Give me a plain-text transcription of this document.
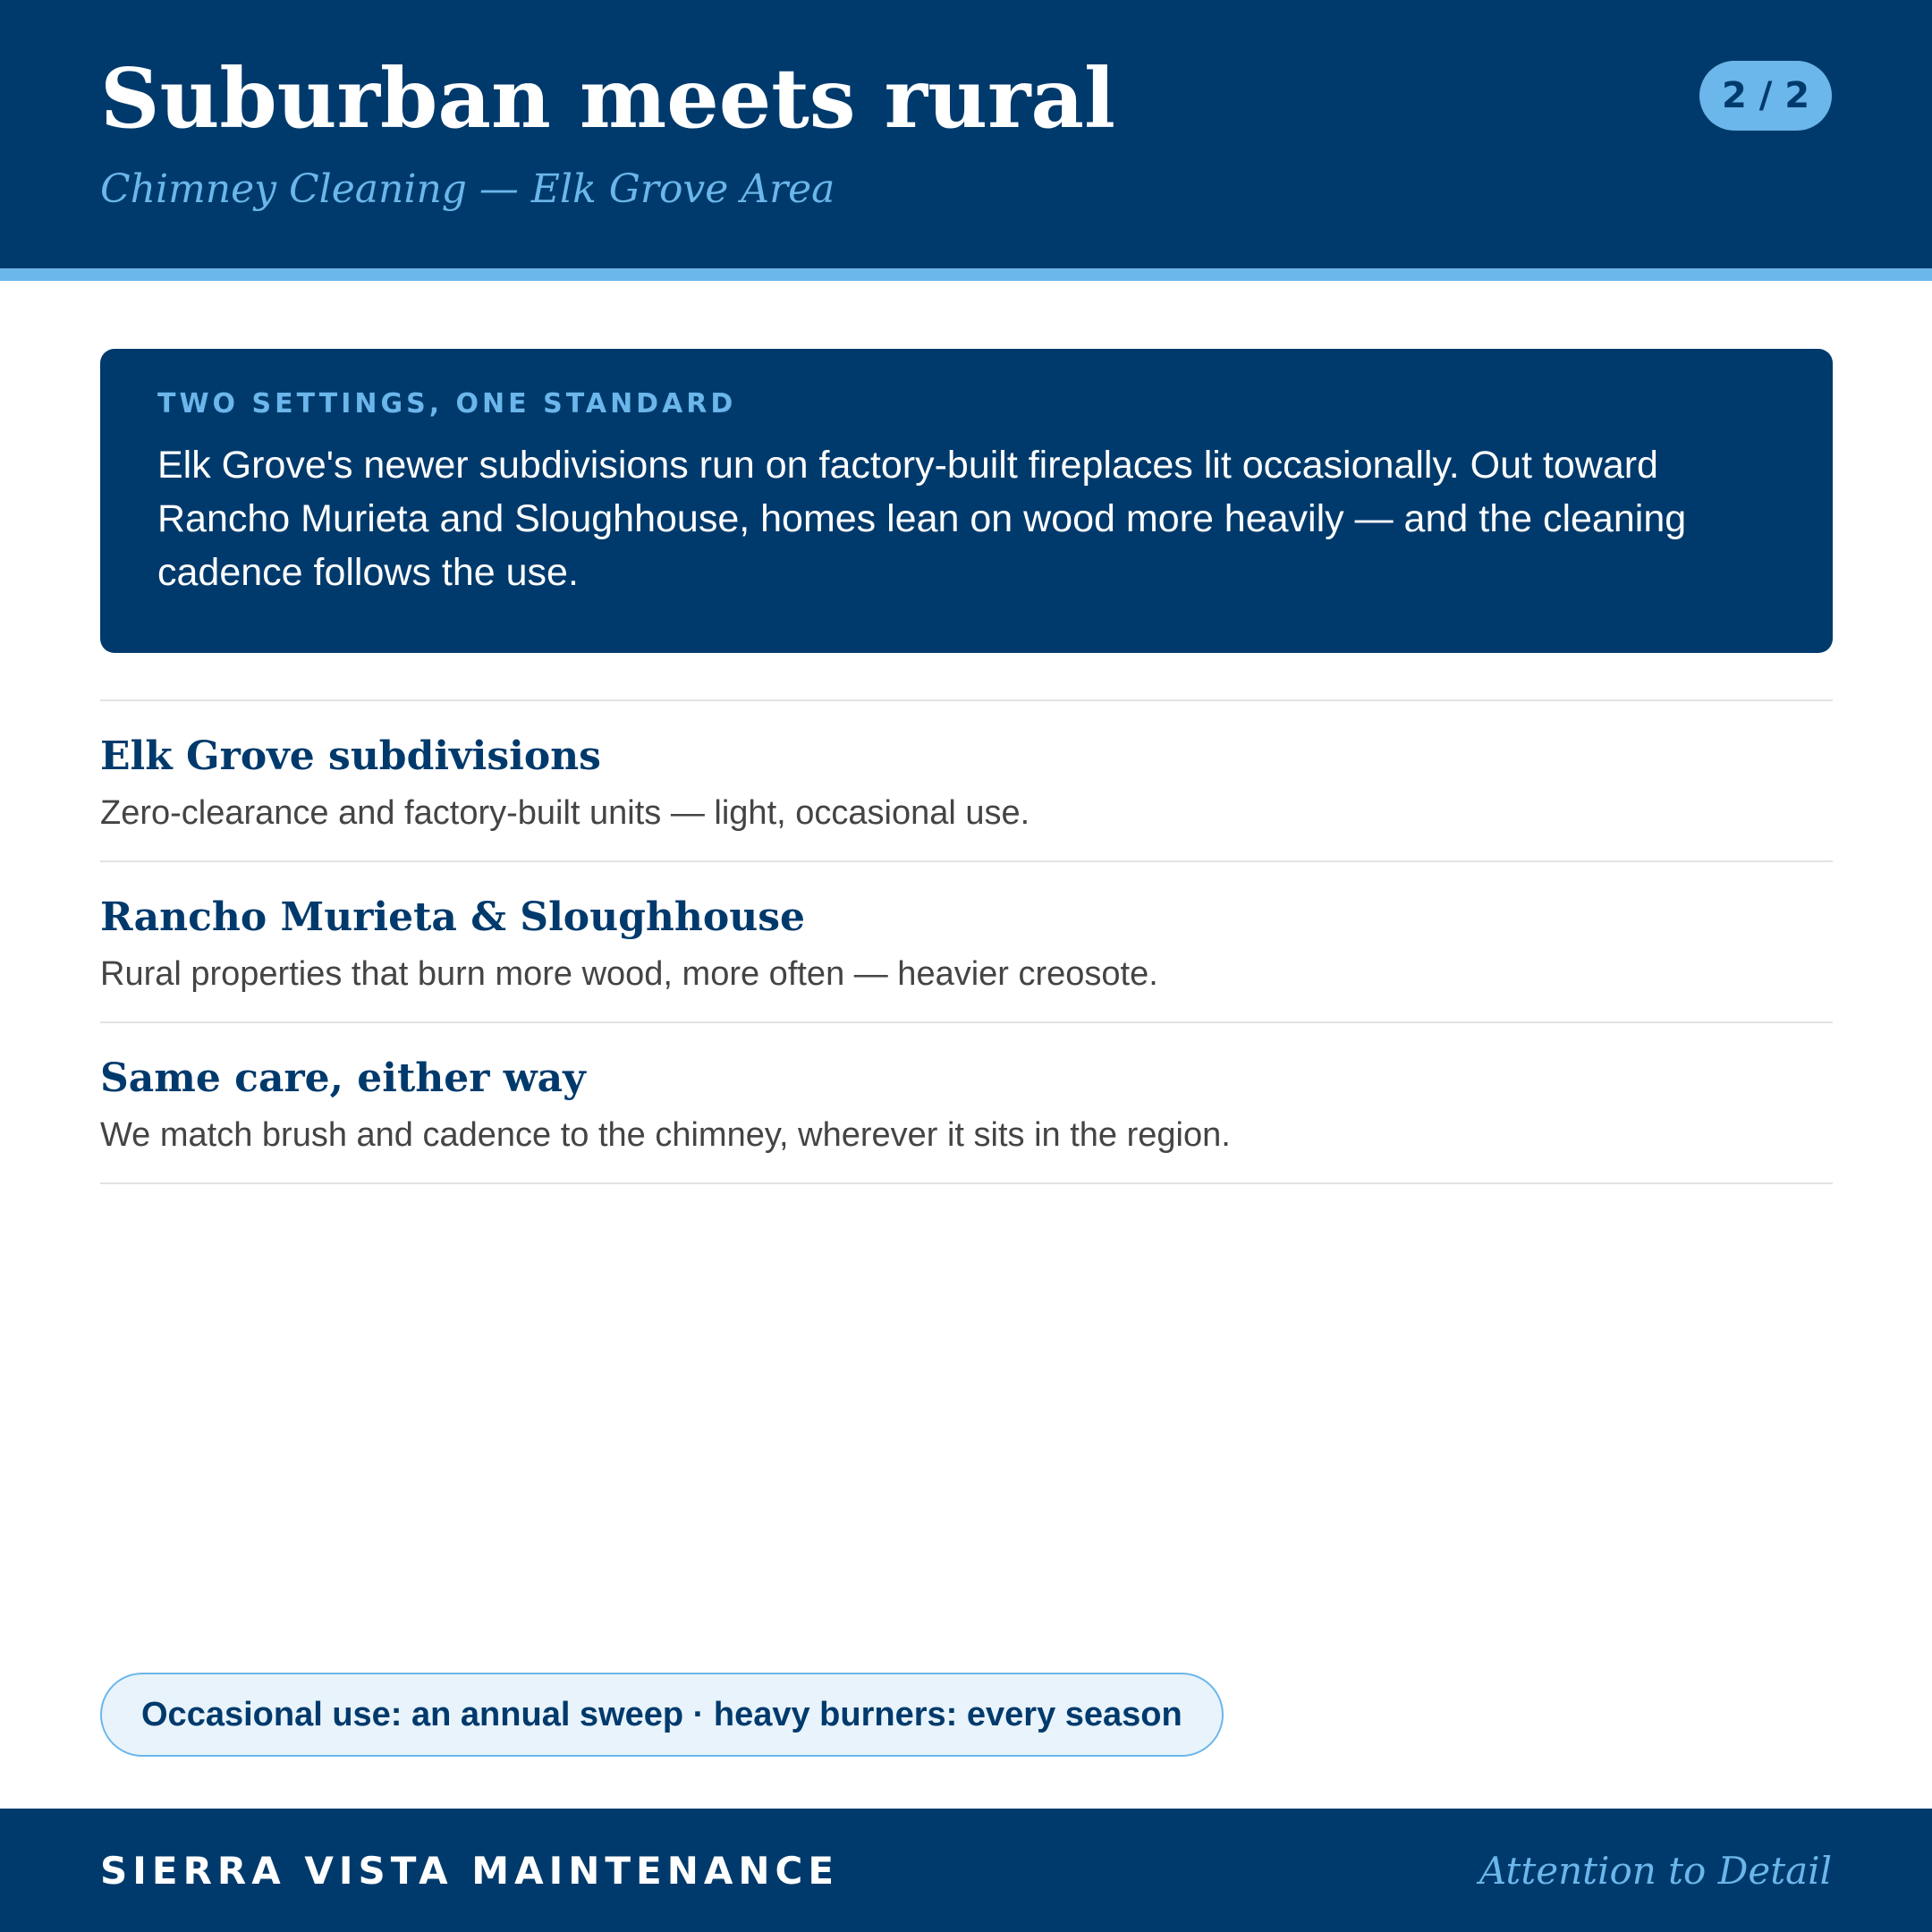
Suburban meets rural

Chimney Cleaning — Elk Grove Area

2 / 2

TWO SETTINGS, ONE STANDARD

Elk Grove's newer subdivisions run on factory-built fireplaces lit occasionally. Out toward Rancho Murieta and Sloughhouse, homes lean on wood more heavily — and the cleaning cadence follows the use.

Elk Grove subdivisions

Zero-clearance and factory-built units — light, occasional use.

Rancho Murieta & Sloughhouse

Rural properties that burn more wood, more often — heavier creosote.

Same care, either way

We match brush and cadence to the chimney, wherever it sits in the region.

Occasional use: an annual sweep · heavy burners: every season

SIERRA VISTA MAINTENANCE	Attention to Detail
